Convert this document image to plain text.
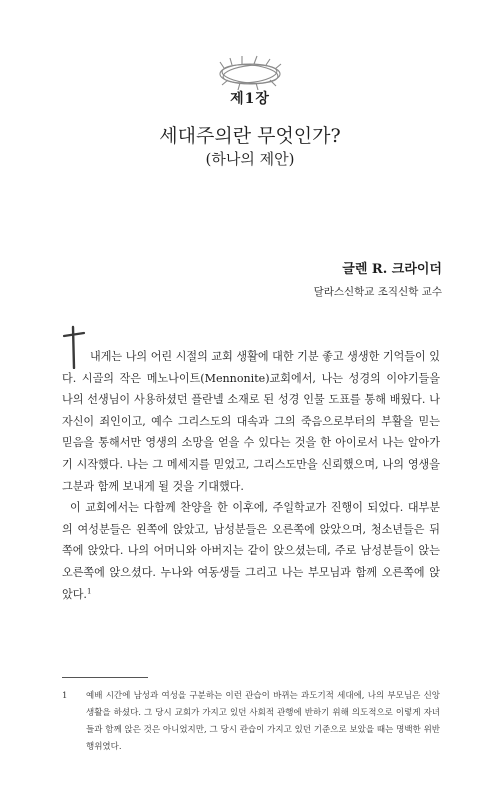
제1장
세대주의란 무엇인가?
(하나의 제안)
글렌 R. 크라이더
달라스신학교 조직신학 교수

내게는 나의 어린 시절의 교회 생활에 대한 기분 좋고 생생한 기억들이 있다. 시골의 작은 메노나이트(Mennonite)교회에서, 나는 성경의 이야기들을 나의 선생님이 사용하셨던 플란넬 소재로 된 성경 인물 도표를 통해 배웠다. 나 자신이 죄인이고, 예수 그리스도의 대속과 그의 죽음으로부터의 부활을 믿는 믿음을 통해서만 영생의 소망을 얻을 수 있다는 것을 한 아이로서 나는 알아가기 시작했다. 나는 그 메세지를 믿었고, 그리스도만을 신뢰했으며, 나의 영생을 그분과 함께 보내게 될 것을 기대했다.

이 교회에서는 다함께 찬양을 한 이후에, 주일학교가 진행이 되었다. 대부분의 여성분들은 왼쪽에 앉았고, 남성분들은 오른쪽에 앉았으며, 청소년들은 뒤쪽에 앉았다. 나의 어머니와 아버지는 같이 앉으셨는데, 주로 남성분들이 앉는 오른쪽에 앉으셨다. 누나와 여동생들 그리고 나는 부모님과 함께 오른쪽에 앉았다.$^1$

1 예배 시간에 남성과 여성을 구분하는 이런 관습이 바뀌는 과도기적 세대에, 나의 부모님은 신앙생활을 하셨다. 그 당시 교회가 가지고 있던 사회적 관행에 반하기 위해 의도적으로 이렇게 자녀들과 함께 앉은 것은 아니었지만, 그 당시 관습이 가지고 있던 기준으로 보았을 때는 명백한 위반 행위였다.
